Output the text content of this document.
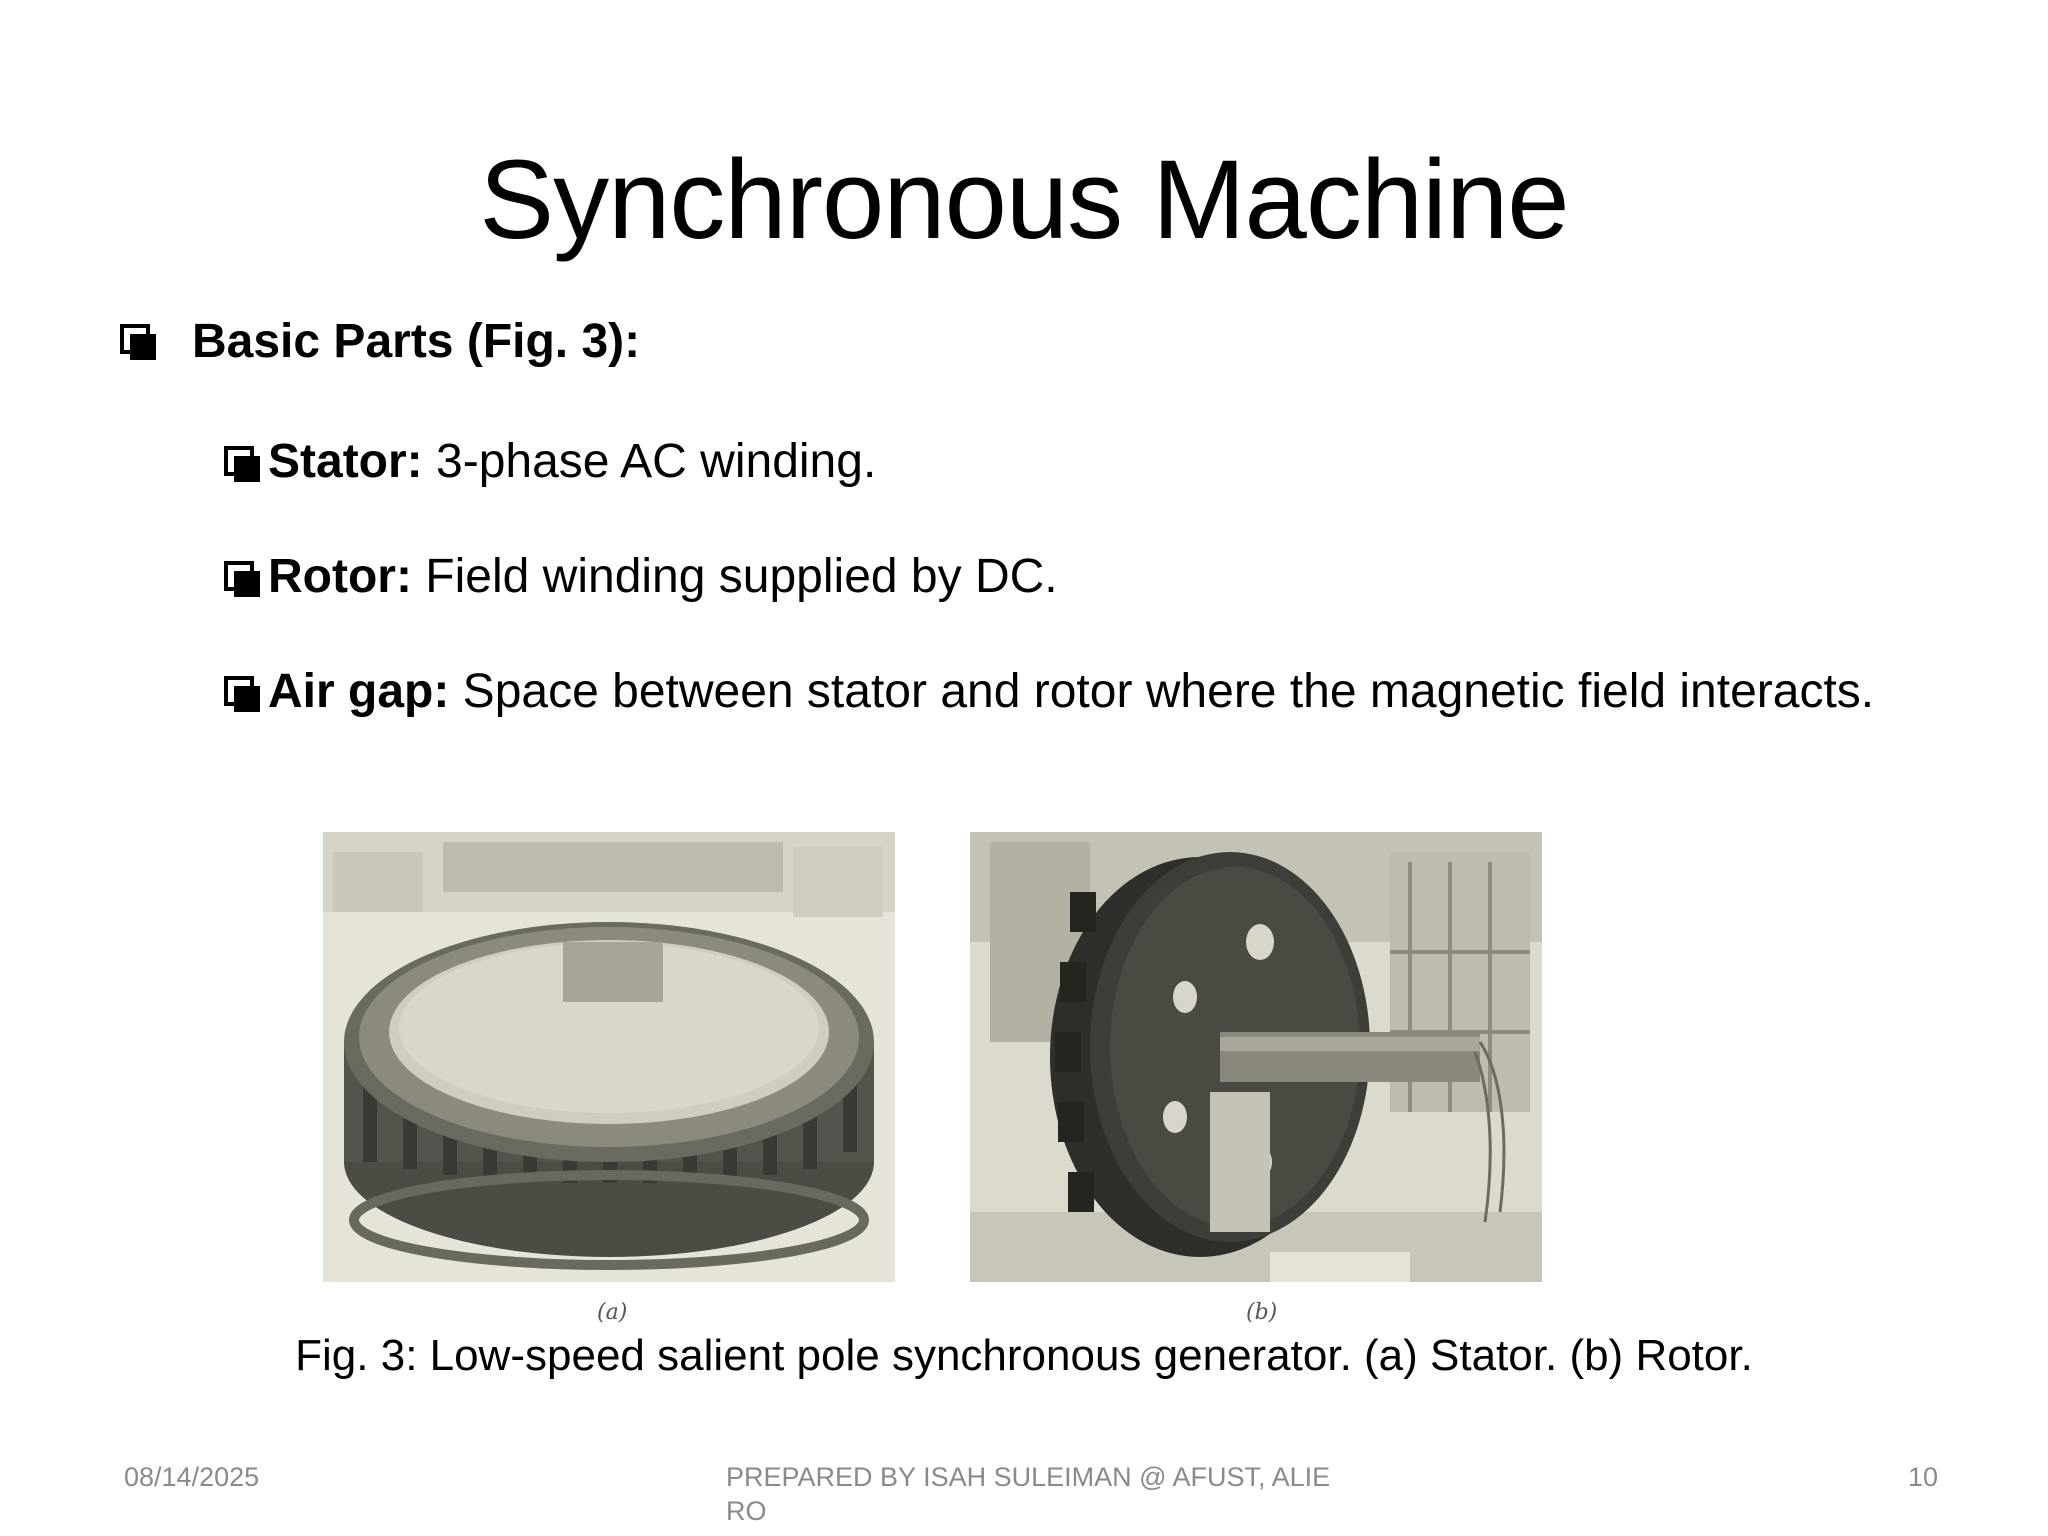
Synchronous Machine
Basic Parts (Fig. 3):
Stator: 3-phase AC winding.
Rotor: Field winding supplied by DC.
Air gap: Space between stator and rotor where the magnetic field interacts.
(a)	(b)
Fig. 3: Low-speed salient pole synchronous generator. (a) Stator. (b) Rotor.
08/14/2025	PREPARED BY ISAH SULEIMAN @ AFUST, ALIERO
10
